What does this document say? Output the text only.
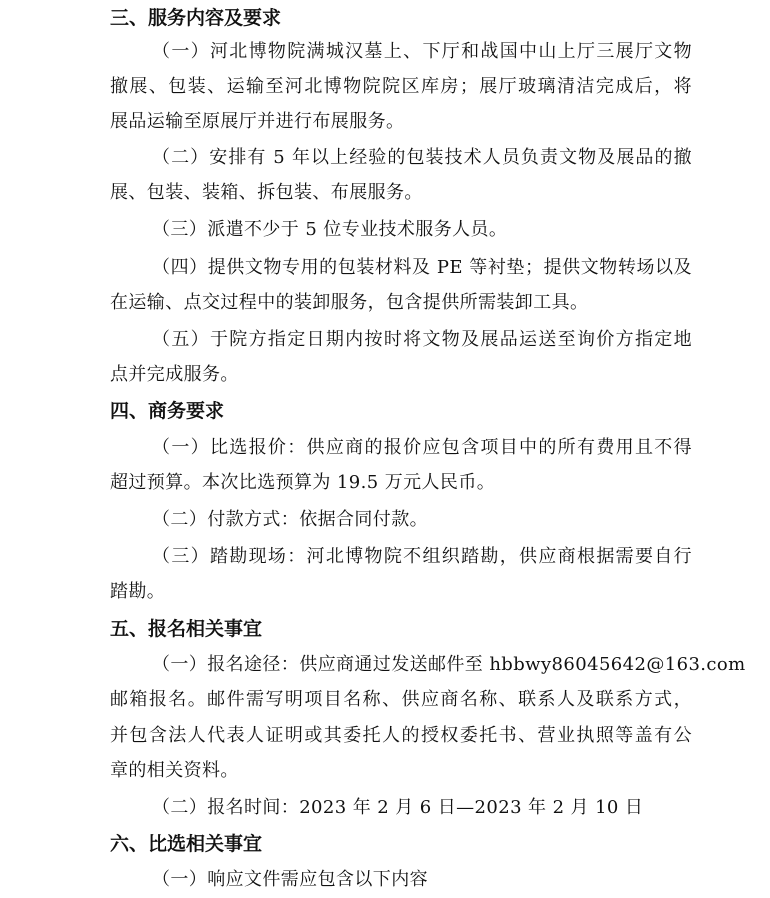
三、服务内容及要求
（一）河北博物院满城汉墓上、下厅和战国中山上厅三展厅文物
撤展、包装、运输至河北博物院院区库房；展厅玻璃清洁完成后，将
展品运输至原展厅并进行布展服务。
（二）安排有 5 年以上经验的包装技术人员负责文物及展品的撤
展、包装、装箱、拆包装、布展服务。
（三）派遣不少于 5 位专业技术服务人员。
（四）提供文物专用的包装材料及 PE 等衬垫；提供文物转场以及
在运输、点交过程中的装卸服务，包含提供所需装卸工具。
（五）于院方指定日期内按时将文物及展品运送至询价方指定地
点并完成服务。
四、商务要求
（一）比选报价：供应商的报价应包含项目中的所有费用且不得
超过预算。本次比选预算为 19.5 万元人民币。
（二）付款方式：依据合同付款。
（三）踏勘现场：河北博物院不组织踏勘，供应商根据需要自行
踏勘。
五、报名相关事宜
（一）报名途径：供应商通过发送邮件至 hbbwy86045642@163.com
邮箱报名。邮件需写明项目名称、供应商名称、联系人及联系方式，
并包含法人代表人证明或其委托人的授权委托书、营业执照等盖有公
章的相关资料。
（二）报名时间：2023 年 2 月 6 日—2023 年 2 月 10 日
六、比选相关事宜
（一）响应文件需应包含以下内容
